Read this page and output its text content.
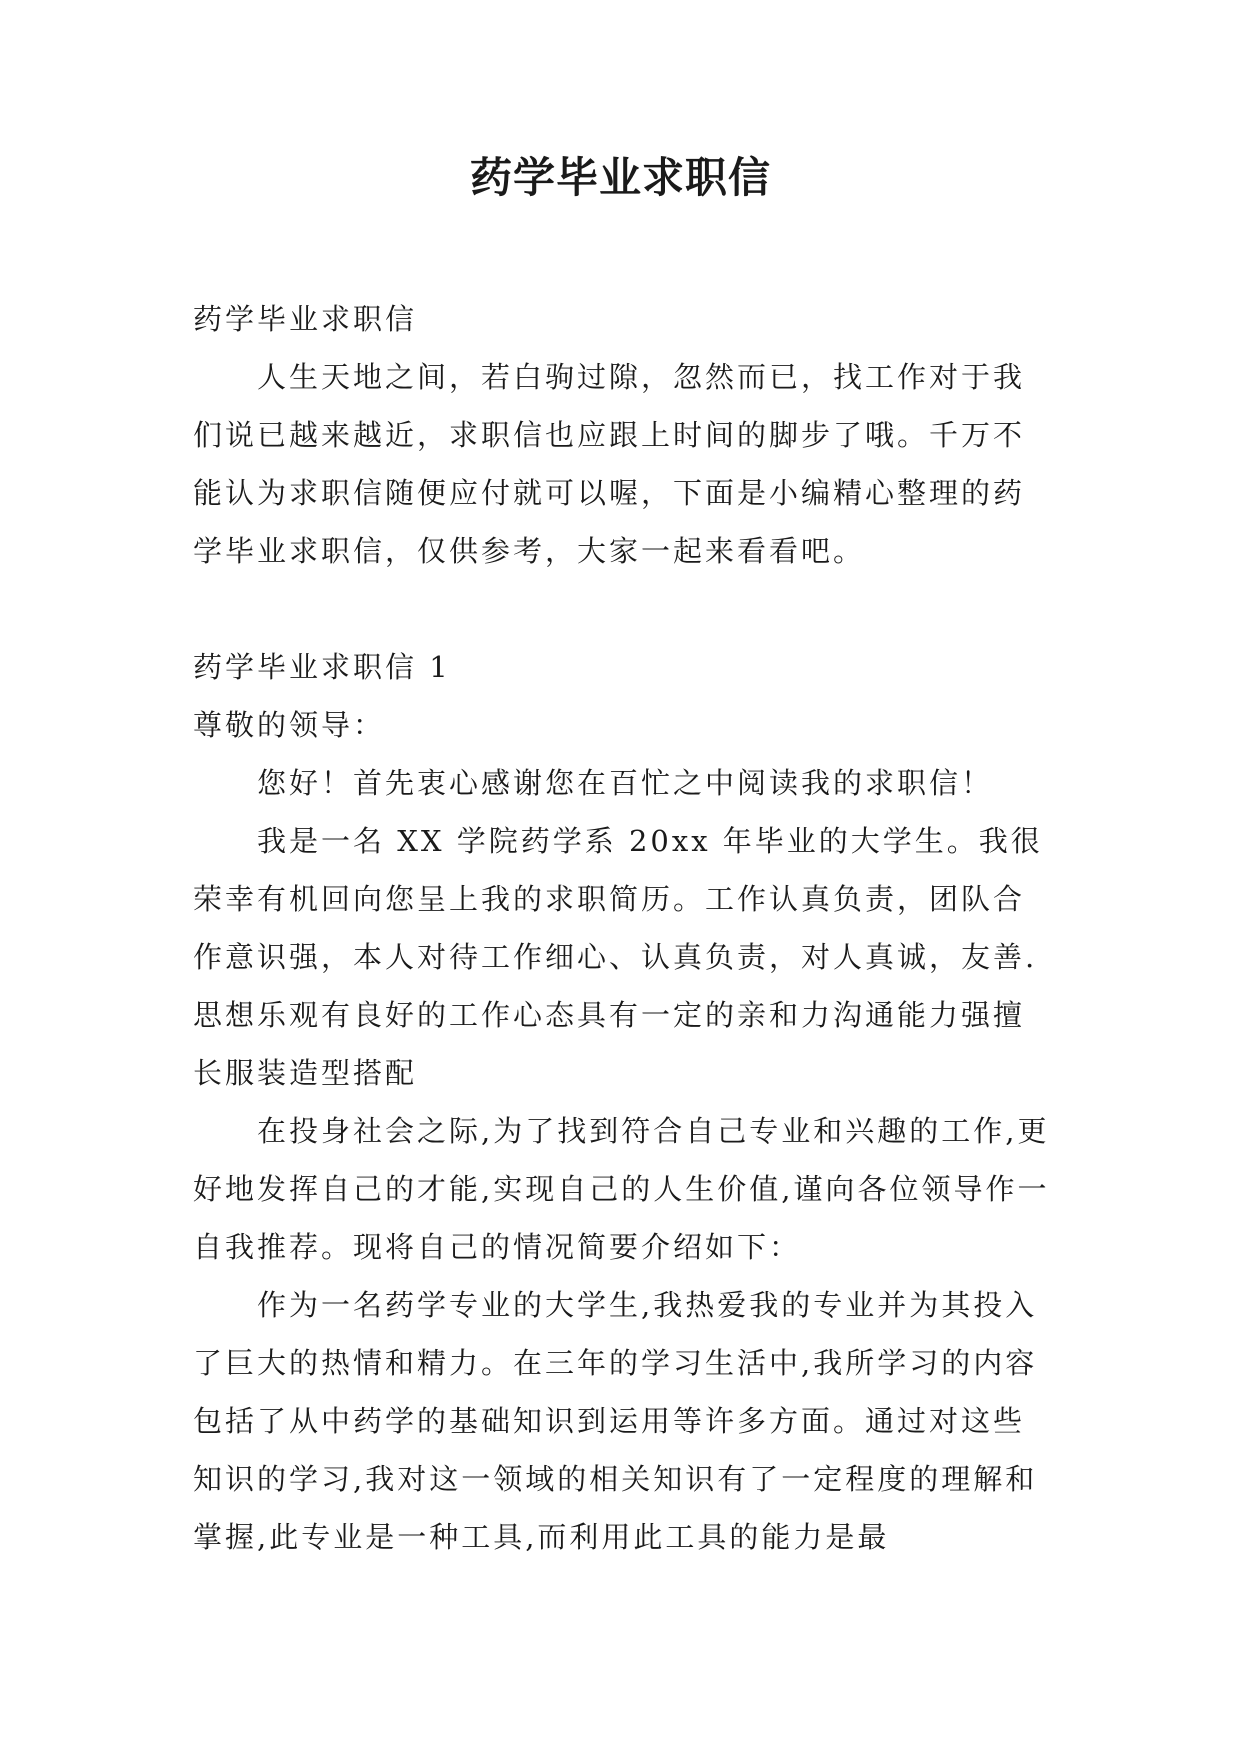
药学毕业求职信

药学毕业求职信

人生天地之间，若白驹过隙，忽然而已，找工作对于我们说已越来越近，求职信也应跟上时间的脚步了哦。千万不能认为求职信随便应付就可以喔，下面是小编精心整理的药学毕业求职信，仅供参考，大家一起来看看吧。

药学毕业求职信 1

尊敬的领导：

您好！首先衷心感谢您在百忙之中阅读我的求职信！

我是一名 XX 学院药学系 20xx 年毕业的大学生。我很荣幸有机回向您呈上我的求职简历。工作认真负责，团队合作意识强，本人对待工作细心、认真负责，对人真诚，友善.思想乐观有良好的工作心态具有一定的亲和力沟通能力强擅长服装造型搭配

在投身社会之际,为了找到符合自己专业和兴趣的工作,更好地发挥自己的才能,实现自己的人生价值,谨向各位领导作一自我推荐。现将自己的情况简要介绍如下：

作为一名药学专业的大学生,我热爱我的专业并为其投入了巨大的热情和精力。在三年的学习生活中,我所学习的内容包括了从中药学的基础知识到运用等许多方面。通过对这些知识的学习,我对这一领域的相关知识有了一定程度的理解和掌握,此专业是一种工具,而利用此工具的能力是最
